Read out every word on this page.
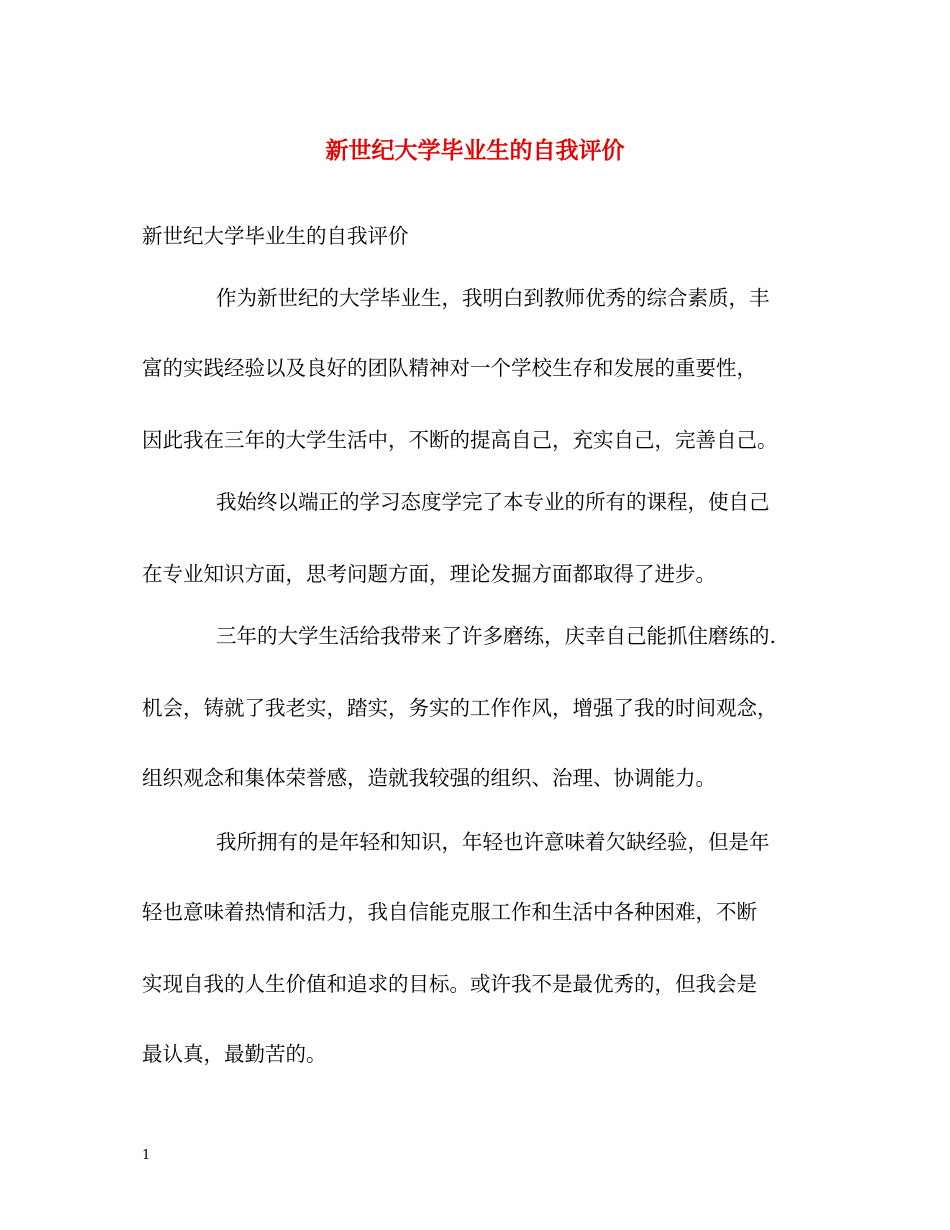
新世纪大学毕业生的自我评价
新世纪大学毕业生的自我评价
作为新世纪的大学毕业生，我明白到教师优秀的综合素质，丰
富的实践经验以及良好的团队精神对一个学校生存和发展的重要性，
因此我在三年的大学生活中，不断的提高自己，充实自己，完善自己。
我始终以端正的学习态度学完了本专业的所有的课程，使自己
在专业知识方面，思考问题方面，理论发掘方面都取得了进步。
三年的大学生活给我带来了许多磨练，庆幸自己能抓住磨练的.
机会，铸就了我老实，踏实，务实的工作作风，增强了我的时间观念，
组织观念和集体荣誉感，造就我较强的组织、治理、协调能力。
我所拥有的是年轻和知识，年轻也许意味着欠缺经验，但是年
轻也意味着热情和活力，我自信能克服工作和生活中各种困难，不断
实现自我的人生价值和追求的目标。或许我不是最优秀的，但我会是
最认真，最勤苦的。
1
